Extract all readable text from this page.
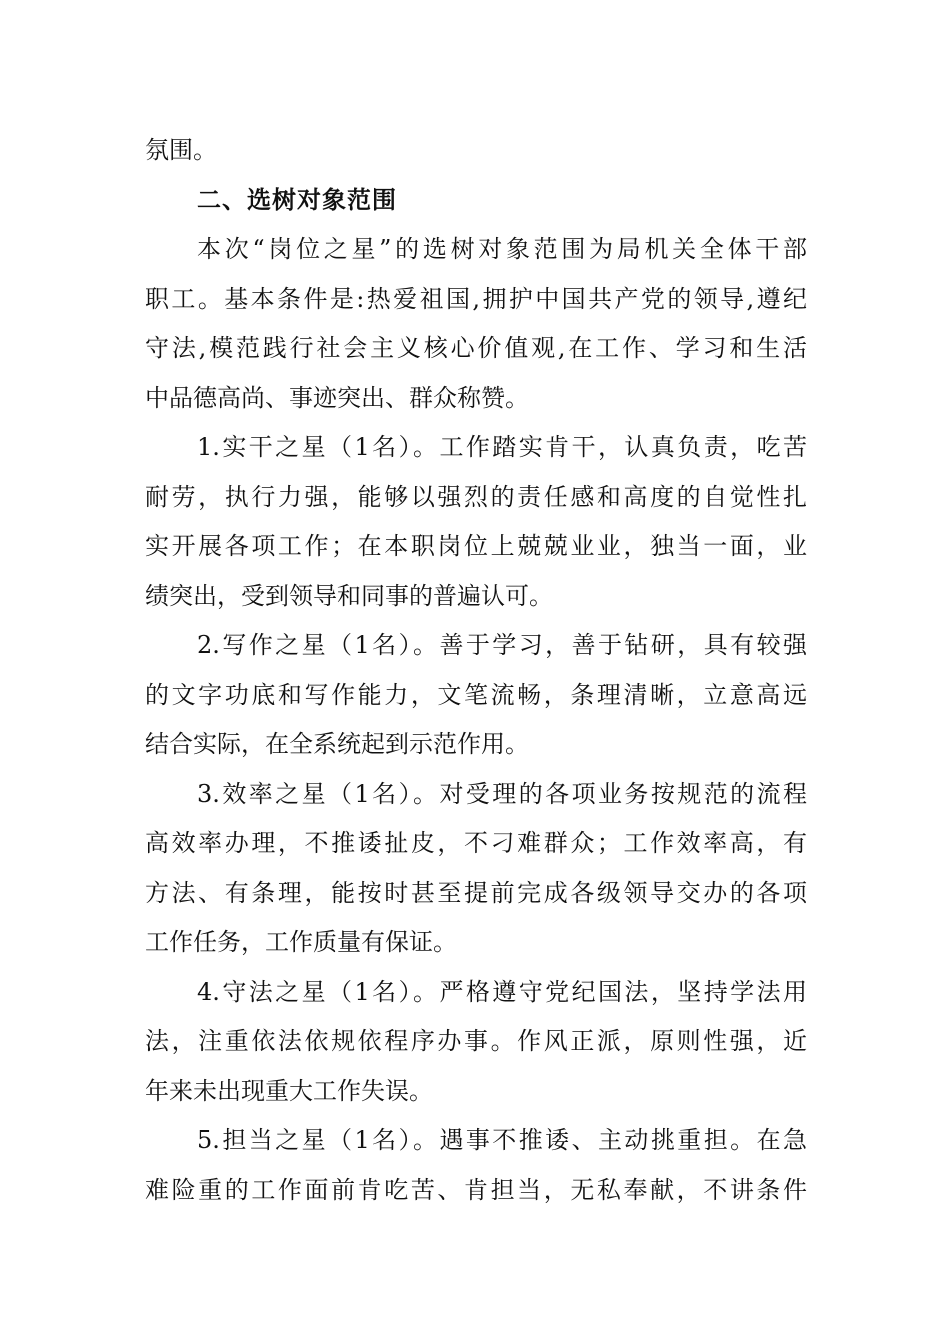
氛围。
二、选树对象范围
本次“岗位之星”的选树对象范围为局机关全体干部
职工。基本条件是:热爱祖国,拥护中国共产党的领导,遵纪
守法,模范践行社会主义核心价值观,在工作、学习和生活
中品德高尚、事迹突出、群众称赞。
1.实干之星（1名）。工作踏实肯干，认真负责，吃苦
耐劳，执行力强，能够以强烈的责任感和高度的自觉性扎
实开展各项工作；在本职岗位上兢兢业业，独当一面，业
绩突出，受到领导和同事的普遍认可。
2.写作之星（1名）。善于学习，善于钻研，具有较强
的文字功底和写作能力，文笔流畅，条理清晰，立意高远
结合实际，在全系统起到示范作用。
3.效率之星（1名）。对受理的各项业务按规范的流程
高效率办理，不推诿扯皮，不刁难群众；工作效率高，有
方法、有条理，能按时甚至提前完成各级领导交办的各项
工作任务，工作质量有保证。
4.守法之星（1名）。严格遵守党纪国法，坚持学法用
法，注重依法依规依程序办事。作风正派，原则性强，近
年来未出现重大工作失误。
5.担当之星（1名）。遇事不推诿、主动挑重担。在急
难险重的工作面前肯吃苦、肯担当，无私奉献，不讲条件
